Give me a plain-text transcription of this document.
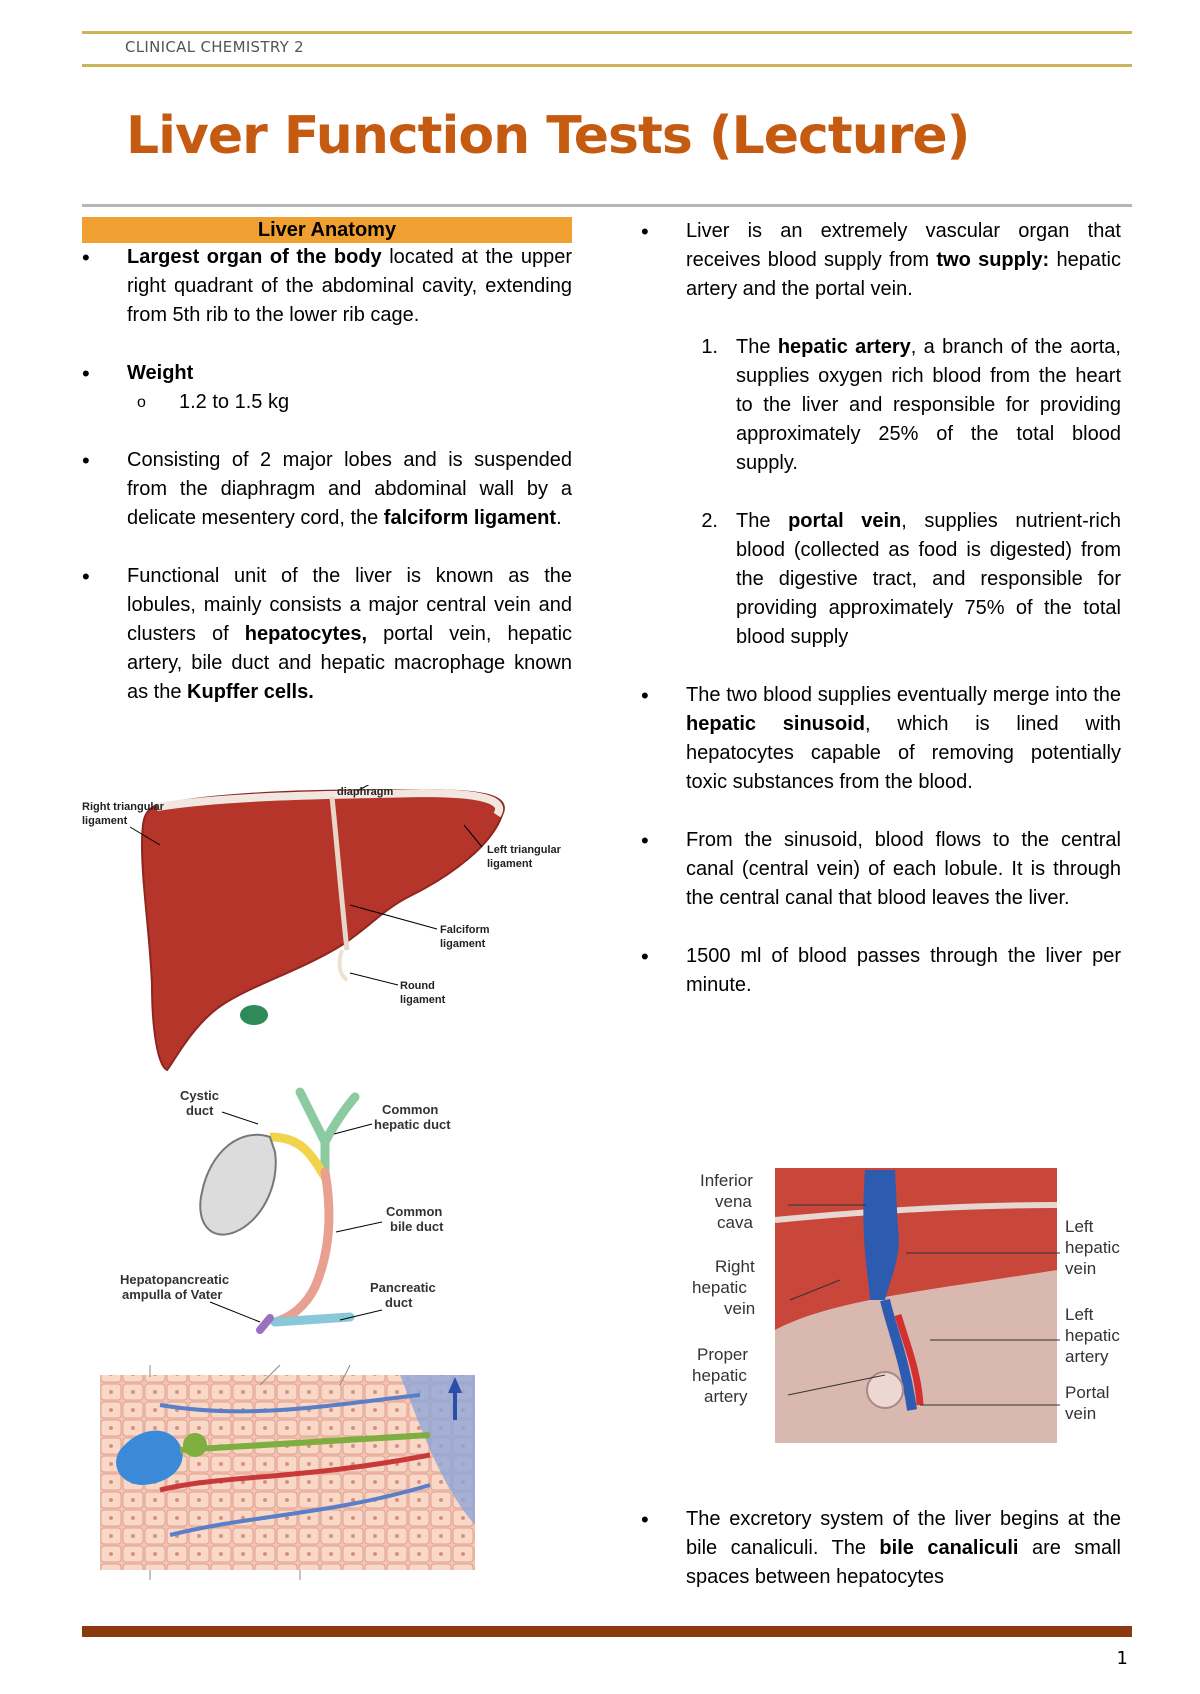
CLINICAL CHEMISTRY 2
Liver Function Tests (Lecture)
Liver Anatomy
• Largest organ of the body located at the upper right quadrant of the abdominal cavity, extending from 5th rib to the lower rib cage.
• Weight
o 1.2 to 1.5 kg
• Consisting of 2 major lobes and is suspended from the diaphragm and abdominal wall by a delicate mesentery cord, the falciform ligament.
• Functional unit of the liver is known as the lobules, mainly consists a major central vein and clusters of hepatocytes, portal vein, hepatic artery, bile duct and hepatic macrophage known as the Kupffer cells.
diaphragm
Right triangular
ligament
Left triangular
ligament
Falciform
ligament
Round
ligament
Cystic
duct	Common
hepatic duct
Common
bile duct
Hepatopancreatic
ampulla of Vater	Pancreatic
duct
• Liver is an extremely vascular organ that receives blood supply from two supply: hepatic artery and the portal vein.
1. The hepatic artery, a branch of the aorta, supplies oxygen rich blood from the heart to the liver and responsible for providing approximately 25% of the total blood supply.
2. The portal vein, supplies nutrient-rich blood (collected as food is digested) from the digestive tract, and responsible for providing approximately 75% of the total blood supply
• The two blood supplies eventually merge into the hepatic sinusoid, which is lined with hepatocytes capable of removing potentially toxic substances from the blood.
• From the sinusoid, blood flows to the central canal (central vein) of each lobule. It is through the central canal that blood leaves the liver.
• 1500 ml of blood passes through the liver per minute.
Inferior
vena
cava
Right
hepatic
vein
Proper
hepatic
artery
Left
hepatic
vein
Left
hepatic
artery
Portal
vein
• The excretory system of the liver begins at the bile canaliculi. The bile canaliculi are small spaces between hepatocytes
1
